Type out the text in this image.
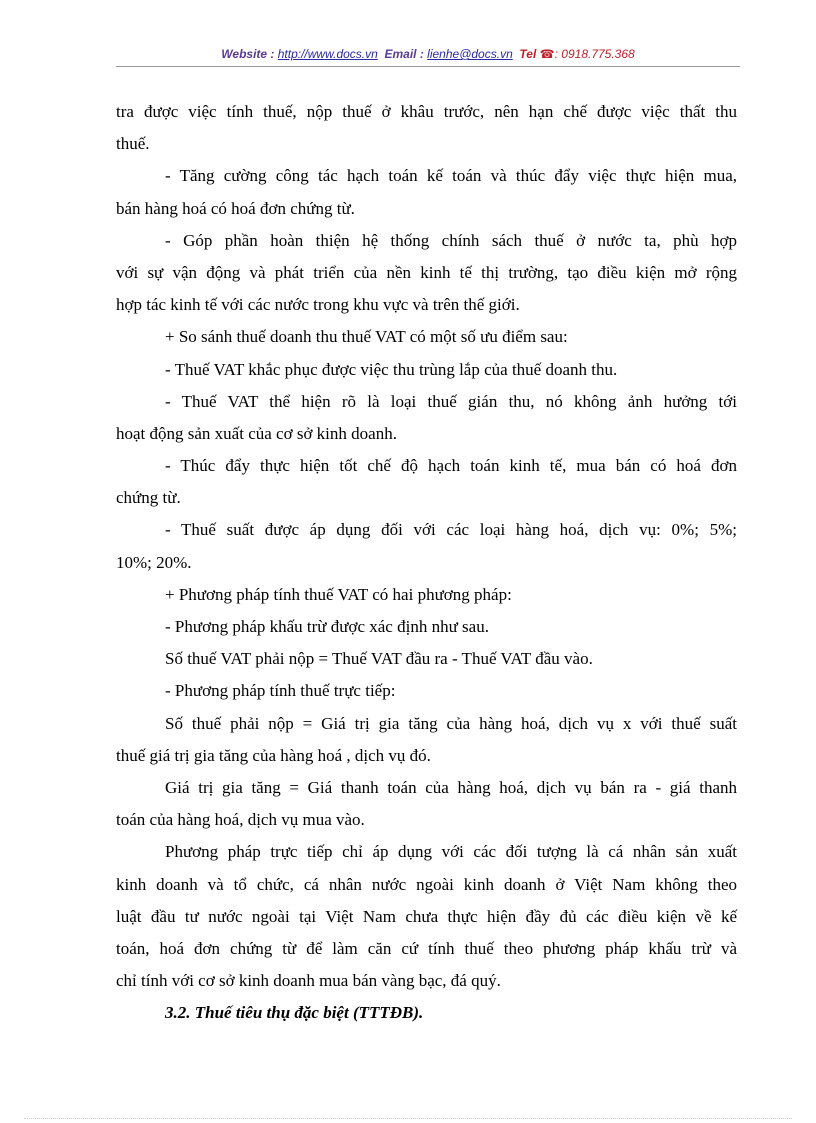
Website : http://www.docs.vn Email : lienhe@docs.vn Tel ☎: 0918.775.368
tra được việc tính thuế, nộp thuế ở khâu trước, nên hạn chế được việc thất thu
thuế.
- Tăng cường công tác hạch toán kế toán và thúc đẩy việc thực hiện mua,
bán hàng hoá có hoá đơn chứng từ.
- Góp phần hoàn thiện hệ thống chính sách thuế ở nước ta, phù hợp
với sự vận động và phát triển của nền kinh tế thị trường, tạo điều kiện mở rộng
hợp tác kinh tế với các nước trong khu vực và trên thế giới.
+ So sánh thuế doanh thu thuế VAT có một số ưu điểm sau:
- Thuế VAT khắc phục được việc thu trùng lắp của thuế doanh thu.
- Thuế VAT thể hiện rõ là loại thuế gián thu, nó không ảnh hưởng tới
hoạt động sản xuất của cơ sở kinh doanh.
- Thúc đẩy thực hiện tốt chế độ hạch toán kinh tế, mua bán có hoá đơn
chứng từ.
- Thuế suất được áp dụng đối với các loại hàng hoá, dịch vụ: 0%; 5%;
10%; 20%.
+ Phương pháp tính thuế VAT có hai phương pháp:
- Phương pháp khấu trừ được xác định như sau.
Số thuế VAT phải nộp = Thuế VAT đầu ra - Thuế VAT đầu vào.
- Phương pháp tính thuế trực tiếp:
Số thuế phải nộp = Giá trị gia tăng của hàng hoá, dịch vụ x với thuế suất
thuế giá trị gia tăng của hàng hoá , dịch vụ đó.
Giá trị gia tăng = Giá thanh toán của hàng hoá, dịch vụ bán ra - giá thanh
toán của hàng hoá, dịch vụ mua vào.
Phương pháp trực tiếp chỉ áp dụng với các đối tượng là cá nhân sản xuất
kinh doanh và tổ chức, cá nhân nước ngoài kinh doanh ở Việt Nam không theo
luật đầu tư nước ngoài tại Việt Nam chưa thực hiện đầy đủ các điều kiện về kế
toán, hoá đơn chứng từ để làm căn cứ tính thuế theo phương pháp khấu trừ và
chỉ tính với cơ sở kinh doanh mua bán vàng bạc, đá quý.
3.2. Thuế tiêu thụ đặc biệt (TTTĐB).
